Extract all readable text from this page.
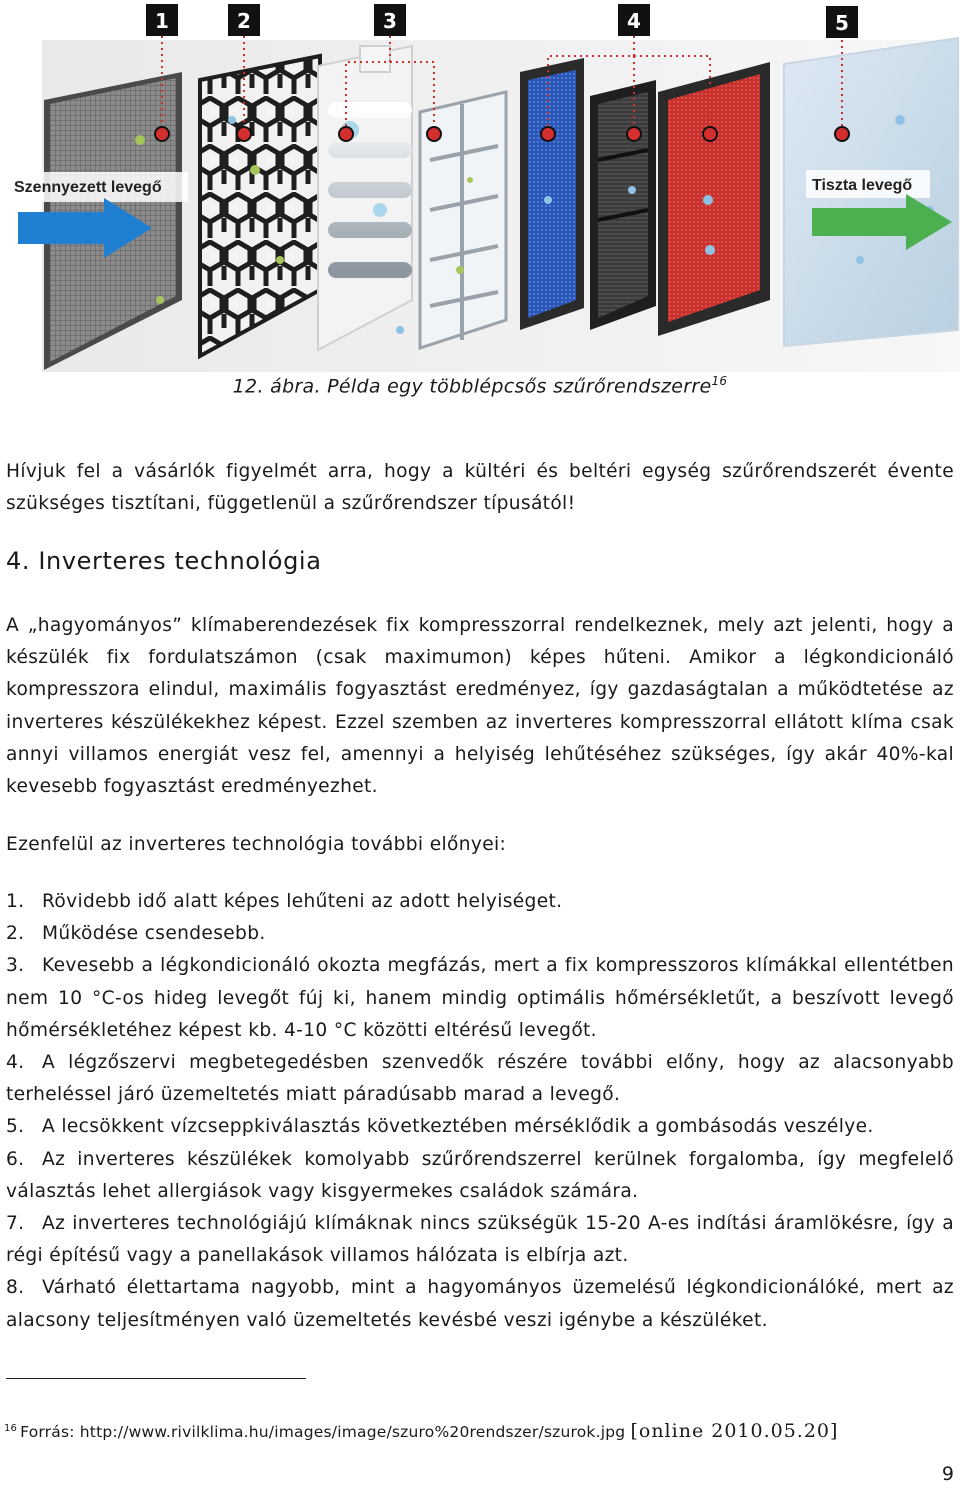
1	2	3	4	5
Szennyezett levegő	Tiszta levegő
12. ábra. Példa egy többlépcsős szűrőrendszerre$^{16}$

Hívjuk fel a vásárlók figyelmét arra, hogy a kültéri és beltéri egység szűrőrendszerét évente szükséges tisztítani, függetlenül a szűrőrendszer típusától!

4. Inverteres technológia

A „hagyományos” klímaberendezések fix kompresszorral rendelkeznek, mely azt jelenti, hogy a készülék fix fordulatszámon (csak maximumon) képes hűteni. Amikor a légkondicionáló kompresszora elindul, maximális fogyasztást eredményez, így gazdaságtalan a működtetése az inverteres készülékekhez képest. Ezzel szemben az inverteres kompresszorral ellátott klíma csak annyi villamos energiát vesz fel, amennyi a helyiség lehűtéséhez szükséges, így akár 40%-kal kevesebb fogyasztást eredményezhet.

Ezenfelül az inverteres technológia további előnyei:

1. Rövidebb idő alatt képes lehűteni az adott helyiséget.
2. Működése csendesebb.
3. Kevesebb a légkondicionáló okozta megfázás, mert a fix kompresszoros klímákkal ellentétben nem 10 °C-os hideg levegőt fúj ki, hanem mindig optimális hőmérsékletűt, a beszívott levegő hőmérsékletéhez képest kb. 4-10 °C közötti eltérésű levegőt.
4. A légzőszervi megbetegedésben szenvedők részére további előny, hogy az alacsonyabb terheléssel járó üzemeltetés miatt páradúsabb marad a levegő.
5. A lecsökkent vízcseppkiválasztás következtében mérséklődik a gombásodás veszélye.
6. Az inverteres készülékek komolyabb szűrőrendszerrel kerülnek forgalomba, így megfelelő választás lehet allergiások vagy kisgyermekes családok számára.
7. Az inverteres technológiájú klímáknak nincs szükségük 15-20 A-es indítási áramlökésre, így a régi építésű vagy a panellakások villamos hálózata is elbírja azt.
8. Várható élettartama nagyobb, mint a hagyományos üzemelésű légkondicionálóké, mert az alacsony teljesítményen való üzemeltetés kevésbé veszi igénybe a készüléket.
$^{16}$ Forrás: http://www.rivilklima.hu/images/image/szuro%20rendszer/szurok.jpg [online 2010.05.20]
9
